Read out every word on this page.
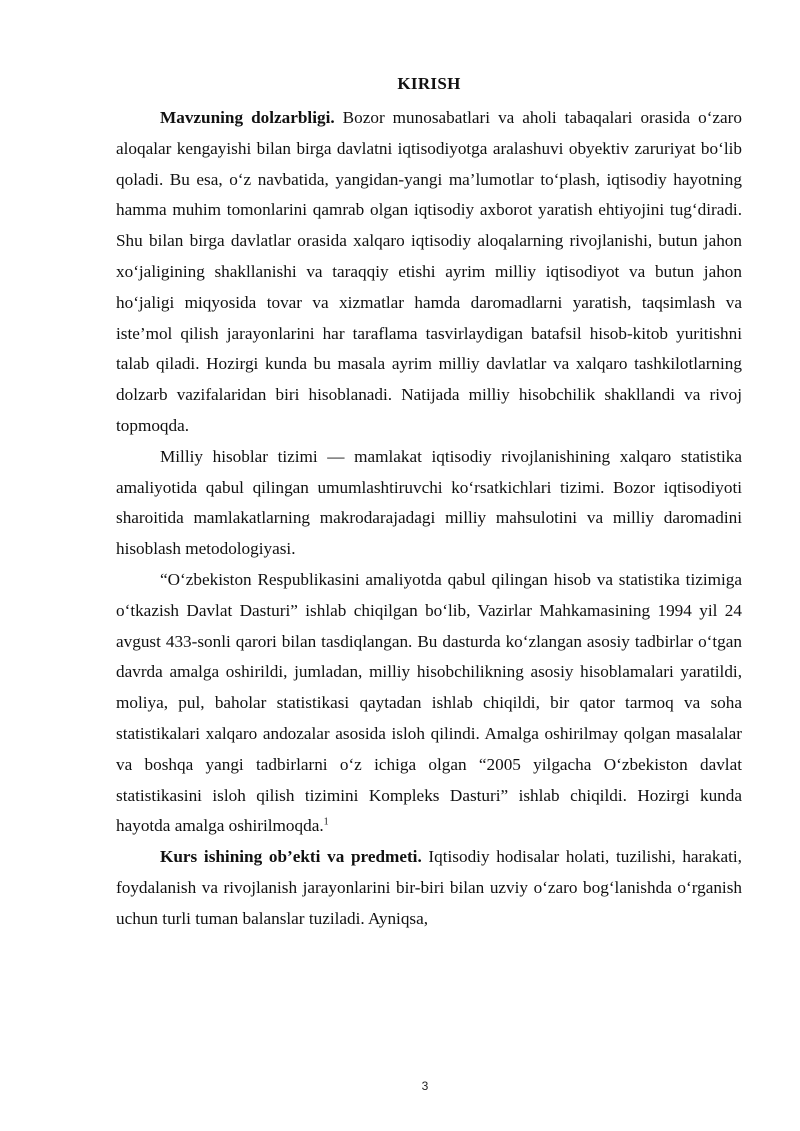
KIRISH

Mavzuning dolzarbligi. Bozor munosabatlari va aholi tabaqalari orasida o‘zaro aloqalar kengayishi bilan birga davlatni iqtisodiyotga aralashuvi obyektiv zaruriyat bo‘lib qoladi. Bu esa, o‘z navbatida, yangidan-yangi ma’lumotlar to‘plash, iqtisodiy hayotning hamma muhim tomonlarini qamrab olgan iqtisodiy axborot yaratish ehtiyojini tug‘diradi. Shu bilan birga davlatlar orasida xalqaro iqtisodiy aloqalarning rivojlanishi, butun jahon xo‘jaligining shakllanishi va taraqqiy etishi ayrim milliy iqtisodiyot va butun jahon ho‘jaligi miqyosida tovar va xizmatlar hamda daromadlarni yaratish, taqsimlash va iste’mol qilish jarayonlarini har taraflama tasvirlaydigan batafsil hisob-kitob yuritishni talab qiladi. Hozirgi kunda bu masala ayrim milliy davlatlar va xalqaro tashkilotlarning dolzarb vazifalaridan biri hisoblanadi. Natijada milliy hisobchilik shakllandi va rivoj topmoqda.

Milliy hisoblar tizimi — mamlakat iqtisodiy rivojlanishining xalqaro statistika amaliyotida qabul qilingan umumlashtiruvchi ko‘rsatkichlari tizimi. Bozor iqtisodiyoti sharoitida mamlakatlarning makrodarajadagi milliy mahsulotini va milliy daromadini hisoblash metodologiyasi.

“O‘zbekiston Respublikasini amaliyotda qabul qilingan hisob va statistika tizimiga o‘tkazish Davlat Dasturi” ishlab chiqilgan bo‘lib, Vazirlar Mahkamasining 1994 yil 24 avgust 433-sonli qarori bilan tasdiqlangan. Bu dasturda ko‘zlangan asosiy tadbirlar o‘tgan davrda amalga oshirildi, jumladan, milliy hisobchilikning asosiy hisoblamalari yaratildi, moliya, pul, baholar statistikasi qaytadan ishlab chiqildi, bir qator tarmoq va soha statistikalari xalqaro andozalar asosida isloh qilindi. Amalga oshirilmay qolgan masalalar va boshqa yangi tadbirlarni o‘z ichiga olgan “2005 yilgacha O‘zbekiston davlat statistikasini isloh qilish tizimini Kompleks Dasturi” ishlab chiqildi. Hozirgi kunda hayotda amalga oshirilmoqda.$^1$

Kurs ishining ob’ekti va predmeti. Iqtisodiy hodisalar holati, tuzilishi, harakati, foydalanish va rivojlanish jarayonlarini bir-biri bilan uzviy o‘zaro bog‘lanishda o‘rganish uchun turli tuman balanslar tuziladi. Ayniqsa,

3
